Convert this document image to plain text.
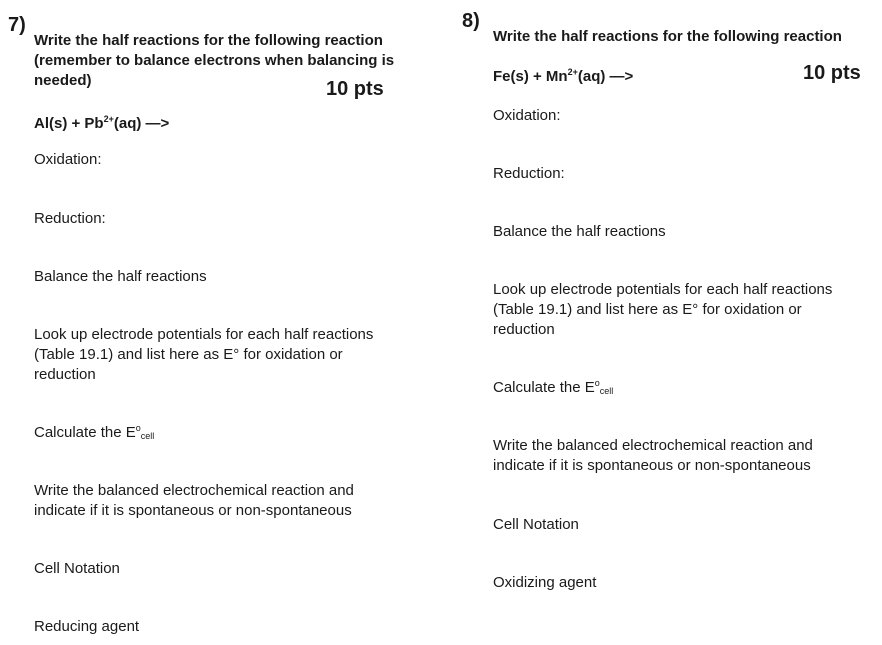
7)
Write the half reactions for the following reaction
(remember to balance electrons when balancing is
needed)	10 pts
$Al(s) + Pb^{2+}(aq)$ —>
Oxidation:
Reduction:
Balance the half reactions
Look up electrode potentials for each half reactions
(Table 19.1) and list here as E° for oxidation or
reduction
Calculate the $E^o_{cell}$
Write the balanced electrochemical reaction and
indicate if it is spontaneous or non-spontaneous
Cell Notation
Reducing agent
8)
Write the half reactions for the following reaction
10 pts
$Fe(s) + Mn^{2+}(aq)$ —>
Oxidation:
Reduction:
Balance the half reactions
Look up electrode potentials for each half reactions
(Table 19.1) and list here as E° for oxidation or
reduction
Calculate the $E^o_{cell}$
Write the balanced electrochemical reaction and
indicate if it is spontaneous or non-spontaneous
Cell Notation
Oxidizing agent
